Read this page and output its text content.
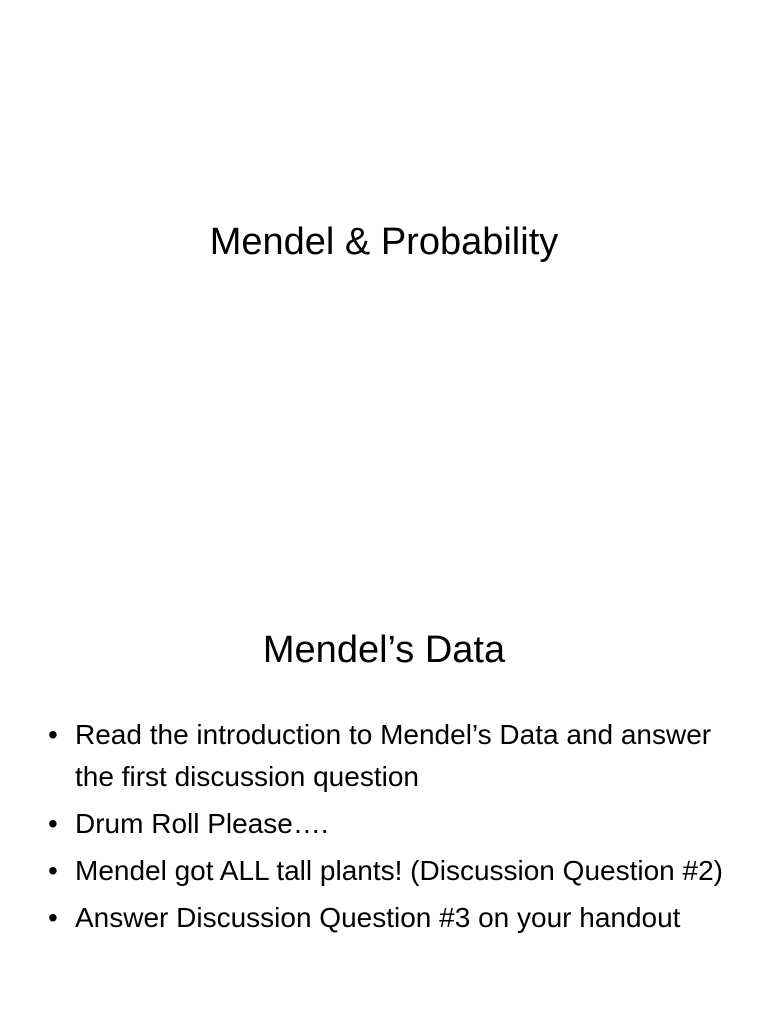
Mendel & Probability
Mendel’s Data
• Read the introduction to Mendel’s Data and answer the first discussion question
• Drum Roll Please….
• Mendel got ALL tall plants! (Discussion Question #2)
• Answer Discussion Question #3 on your handout
